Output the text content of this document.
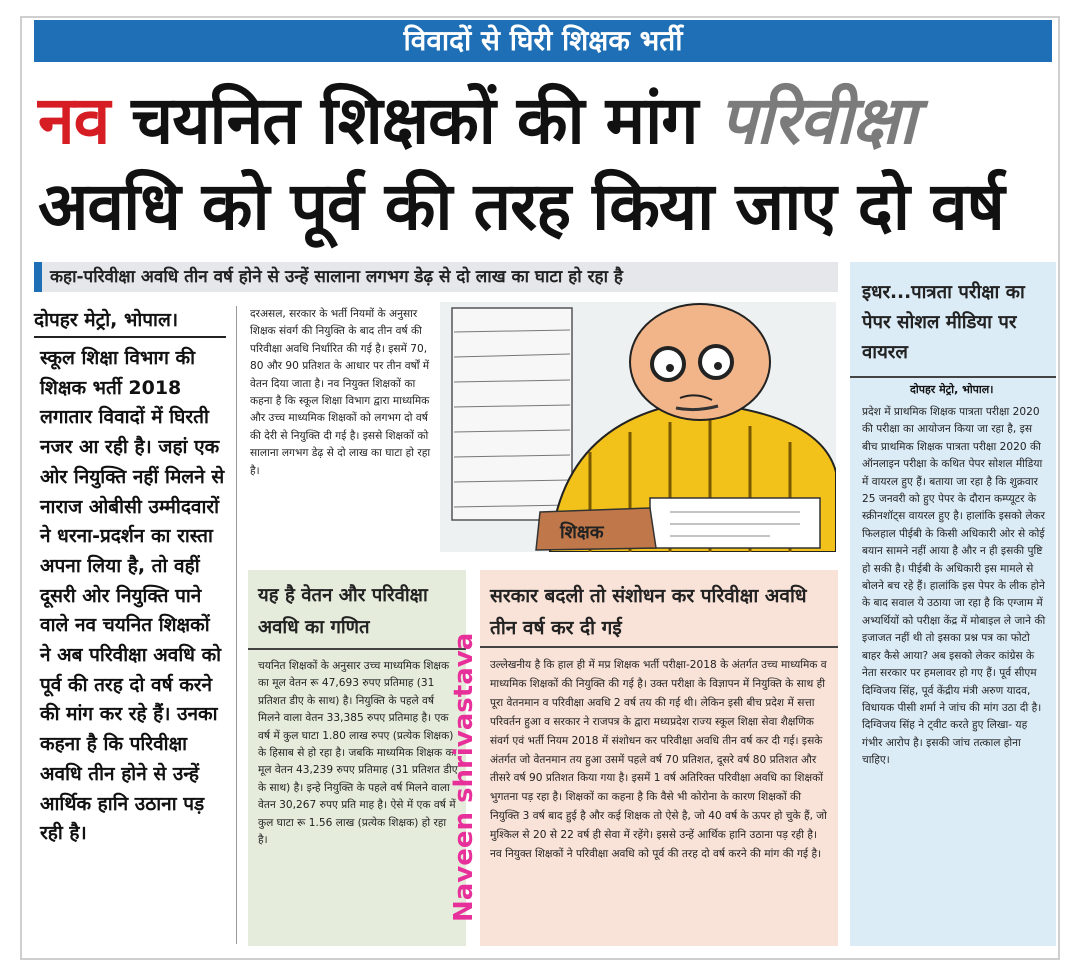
विवादों से घिरी शिक्षक भर्ती
नव चयनित शिक्षकों की मांग परिवीक्षा
अवधि को पूर्व की तरह किया जाए दो वर्ष
कहा-परिवीक्षा अवधि तीन वर्ष होने से उन्हें सालाना लगभग डेढ़ से दो लाख का घाटा हो रहा है
दोपहर मेट्रो, भोपाल।
स्कूल शिक्षा विभाग की शिक्षक भर्ती 2018 लगातार विवादों में घिरती नजर आ रही है। जहां एक ओर नियुक्ति नहीं मिलने से नाराज ओबीसी उम्मीदवारों ने धरना-प्रदर्शन का रास्ता अपना लिया है, तो वहीं दूसरी ओर नियुक्ति पाने वाले नव चयनित शिक्षकों ने अब परिवीक्षा अवधि को पूर्व की तरह दो वर्ष करने की मांग कर रहे हैं। उनका कहना है कि परिवीक्षा अवधि तीन होने से उन्हें आर्थिक हानि उठाना पड़ रही है।
दरअसल, सरकार के भर्ती नियमों के अनुसार शिक्षक संवर्ग की नियुक्ति के बाद तीन वर्ष की परिवीक्षा अवधि निर्धारित की गई है। इसमें 70, 80 और 90 प्रतिशत के आधार पर तीन वर्षों में वेतन दिया जाता है। नव नियुक्त शिक्षकों का कहना है कि स्कूल शिक्षा विभाग द्वारा माध्यमिक और उच्च माध्यमिक शिक्षकों को लगभग दो वर्ष की देरी से नियुक्ति दी गई है। इससे शिक्षकों को सालाना लगभग डेढ़ से दो लाख का घाटा हो रहा है।
शिक्षक
यह है वेतन और परिवीक्षा अवधि का गणित
चयनित शिक्षकों के अनुसार उच्च माध्यमिक शिक्षक का मूल वेतन रू 47,693 रुपए प्रतिमाह (31 प्रतिशत डीए के साथ) है। नियुक्ति के पहले वर्ष मिलने वाला वेतन 33,385 रुपए प्रतिमाह है। एक वर्ष में कुल घाटा 1.80 लाख रुपए (प्रत्येक शिक्षक) के हिसाब से हो रहा है। जबकि माध्यमिक शिक्षक का मूल वेतन 43,239 रुपए प्रतिमाह (31 प्रतिशत डीए के साथ) है। इन्हे नियुक्ति के पहले वर्ष मिलने वाला वेतन 30,267 रुपए प्रति माह है। ऐसे में एक वर्ष में कुल घाटा रू 1.56 लाख (प्रत्येक शिक्षक) हो रहा है।
सरकार बदली तो संशोधन कर परिवीक्षा अवधि तीन वर्ष कर दी गई
उल्लेखनीय है कि हाल ही में मप्र शिक्षक भर्ती परीक्षा-2018 के अंतर्गत उच्च माध्यमिक व माध्यमिक शिक्षकों की नियुक्ति की गई है। उक्त परीक्षा के विज्ञापन में नियुक्ति के साथ ही पूरा वेतनमान व परिवीक्षा अवधि 2 वर्ष तय की गई थी। लेकिन इसी बीच प्रदेश में सत्ता परिवर्तन हुआ व सरकार ने राजपत्र के द्वारा मध्यप्रदेश राज्य स्कूल शिक्षा सेवा शैक्षणिक संवर्ग एवं भर्ती नियम 2018 में संशोधन कर परिवीक्षा अवधि तीन वर्ष कर दी गई। इसके अंतर्गत जो वेतनमान तय हुआ उसमें पहले वर्ष 70 प्रतिशत, दूसरे वर्ष 80 प्रतिशत और तीसरे वर्ष 90 प्रतिशत किया गया है। इसमें 1 वर्ष अतिरिक्त परिवीक्षा अवधि का शिक्षकों भुगतना पड़ रहा है। शिक्षकों का कहना है कि वैसे भी कोरोना के कारण शिक्षकों की नियुक्ति 3 वर्ष बाद हुई है और कई शिक्षक तो ऐसे है, जो 40 वर्ष के ऊपर हो चुके हैं, जो मुश्किल से 20 से 22 वर्ष ही सेवा में रहेंगे। इससे उन्हें आर्थिक हानि उठाना पड़ रही है। नव नियुक्त शिक्षकों ने परिवीक्षा अवधि को पूर्व की तरह दो वर्ष करने की मांग की गई है।
Naveen shrivastava
इधर...पात्रता परीक्षा का पेपर सोशल मीडिया पर वायरल
दोपहर मेट्रो, भोपाल।
प्रदेश में प्राथमिक शिक्षक पात्रता परीक्षा 2020 की परीक्षा का आयोजन किया जा रहा है, इस बीच प्राथमिक शिक्षक पात्रता परीक्षा 2020 की ऑनलाइन परीक्षा के कथित पेपर सोशल मीडिया में वायरल हुए हैं। बताया जा रहा है कि शुक्रवार 25 जनवरी को हुए पेपर के दौरान कम्प्यूटर के स्क्रीनशॉट्स वायरल हुए है। हालांकि इसको लेकर फिलहाल पीईबी के किसी अधिकारी ओर से कोई बयान सामने नहीं आया है और न ही इसकी पुष्टि हो सकी है। पीईबी के अधिकारी इस मामले से बोलने बच रहे हैं। हालांकि इस पेपर के लीक होने के बाद सवाल ये उठाया जा रहा है कि एग्जाम में अभ्यर्थियों को परीक्षा केंद्र में मोबाइल ले जाने की इजाजत नहीं थी तो इसका प्रश्न पत्र का फोटो बाहर कैसे आया? अब इसको लेकर कांग्रेस के नेता सरकार पर हमलावर हो गए हैं। पूर्व सीएम दिग्विजय सिंह, पूर्व केंद्रीय मंत्री अरुण यादव, विधायक पीसी शर्मा ने जांच की मांग उठा दी है। दिग्विजय सिंह ने ट्वीट करते हुए लिखा- यह गंभीर आरोप है। इसकी जांच तत्काल होना चाहिए।
